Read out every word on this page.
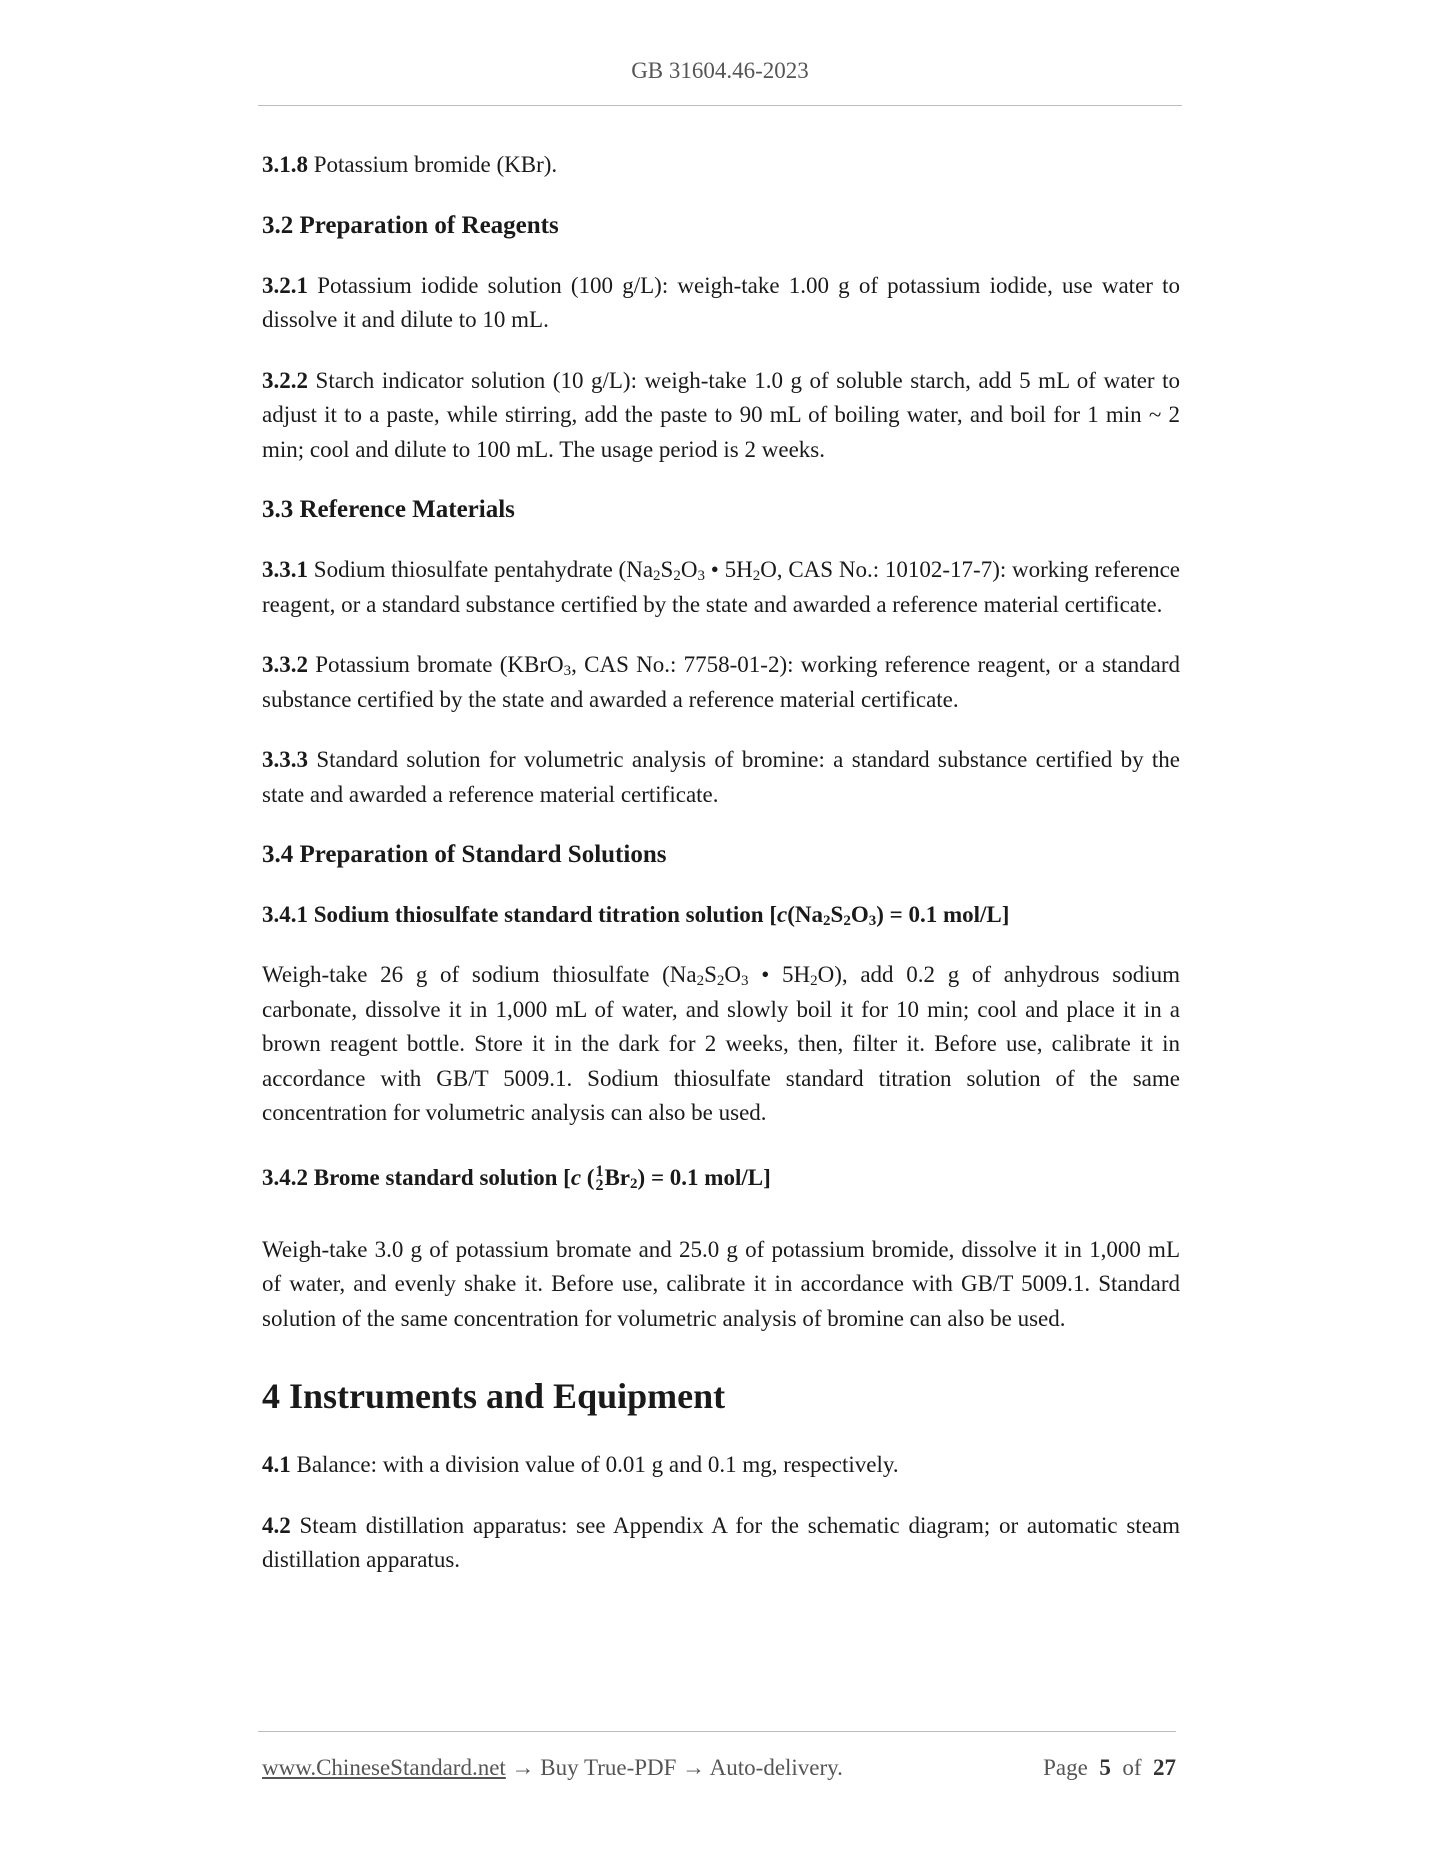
GB 31604.46-2023

3.1.8 Potassium bromide (KBr).

3.2 Preparation of Reagents

3.2.1 Potassium iodide solution (100 g/L): weigh-take 1.00 g of potassium iodide, use water to dissolve it and dilute to 10 mL.

3.2.2 Starch indicator solution (10 g/L): weigh-take 1.0 g of soluble starch, add 5 mL of water to adjust it to a paste, while stirring, add the paste to 90 mL of boiling water, and boil for 1 min ~ 2 min; cool and dilute to 100 mL. The usage period is 2 weeks.

3.3 Reference Materials

3.3.1 Sodium thiosulfate pentahydrate ($Na_2S_2O_3$ • $5H_2O$, CAS No.: 10102-17-7): working reference reagent, or a standard substance certified by the state and awarded a reference material certificate.

3.3.2 Potassium bromate (KBrO$_3$, CAS No.: 7758-01-2): working reference reagent, or a standard substance certified by the state and awarded a reference material certificate.

3.3.3 Standard solution for volumetric analysis of bromine: a standard substance certified by the state and awarded a reference material certificate.

3.4 Preparation of Standard Solutions
3.4.1 Sodium thiosulfate standard titration solution [$c(Na_2S_2O_3) = 0.1$ mol/L]

Weigh-take 26 g of sodium thiosulfate ($Na_2S_2O_3$ • $5H_2O$), add 0.2 g of anhydrous sodium carbonate, dissolve it in 1,000 mL of water, and slowly boil it for 10 min; cool and place it in a brown reagent bottle. Store it in the dark for 2 weeks, then, filter it. Before use, calibrate it in accordance with GB/T 5009.1. Sodium thiosulfate standard titration solution of the same concentration for volumetric analysis can also be used.

3.4.2 Brome standard solution [c ( 1
2 $Br_2) = 0.1$ mol/L]

Weigh-take 3.0 g of potassium bromate and 25.0 g of potassium bromide, dissolve it in 1,000 mL of water, and evenly shake it. Before use, calibrate it in accordance with GB/T 5009.1. Standard solution of the same concentration for volumetric analysis of bromine can also be used.

4 Instruments and Equipment

4.1 Balance: with a division value of 0.01 g and 0.1 mg, respectively.

4.2 Steam distillation apparatus: see Appendix A for the schematic diagram; or automatic steam distillation apparatus.

www.ChineseStandard.net → Buy True-PDF → Auto-delivery.	Page 5 of 27
